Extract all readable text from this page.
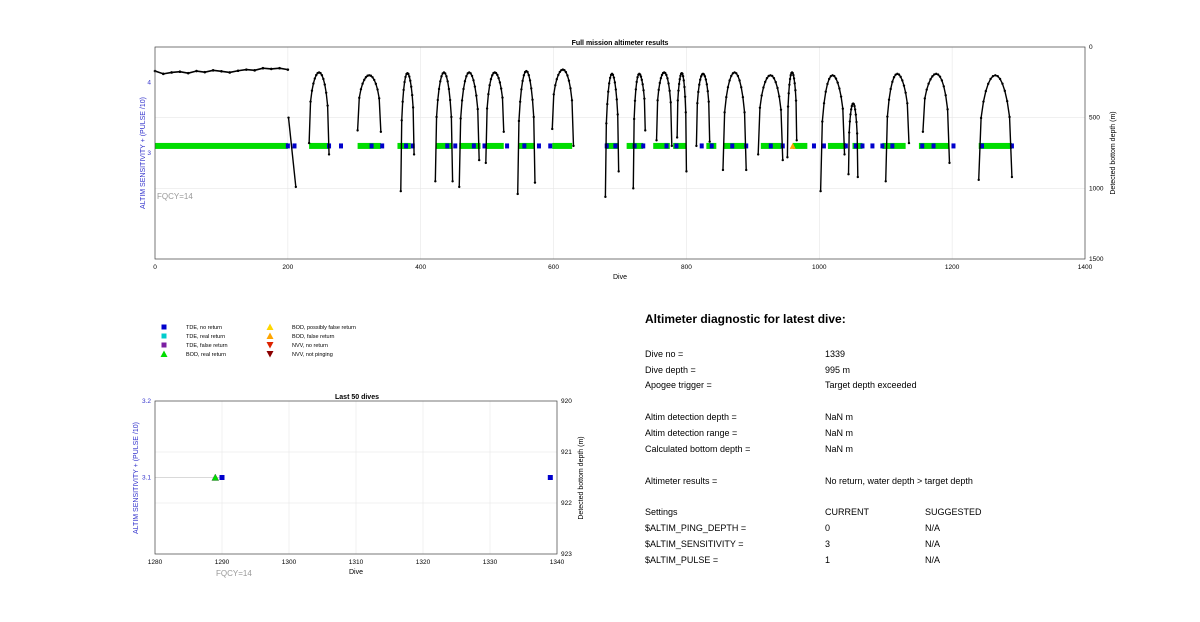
Full mission altimeter results
0	200	400	600	800	1000	1200	1400
0
500
1000
1500
3
4
Dive
ALTIM SENSITIVITY + (PULSE /10)	Detected bottom depth (m)
FQCY=14
TDE, no return	BOD, possibly false return
TDE, real return	BOD, false return
TDE, false return	NVV, no return
BOD, real return	NVV, not pinging
Last 50 dives
1280	1290	1300	1310	1320	1330	1340
920
921
922
923
3.1
3.2
Dive
ALTIM SENSITIVITY + (PULSE /10)	Detected bottom depth (m)
FQCY=14
Altimeter diagnostic for latest dive:
Dive no =	1339
Dive depth =	995 m
Apogee trigger =	Target depth exceeded
Altim detection depth =	NaN m
Altim detection range =	NaN m
Calculated bottom depth =	NaN m
Altimeter results =	No return, water depth > target depth
Settings	CURRENT	SUGGESTED
$ALTIM_PING_DEPTH =	0	N/A
$ALTIM_SENSITIVITY =	3	N/A
$ALTIM_PULSE =	1	N/A
